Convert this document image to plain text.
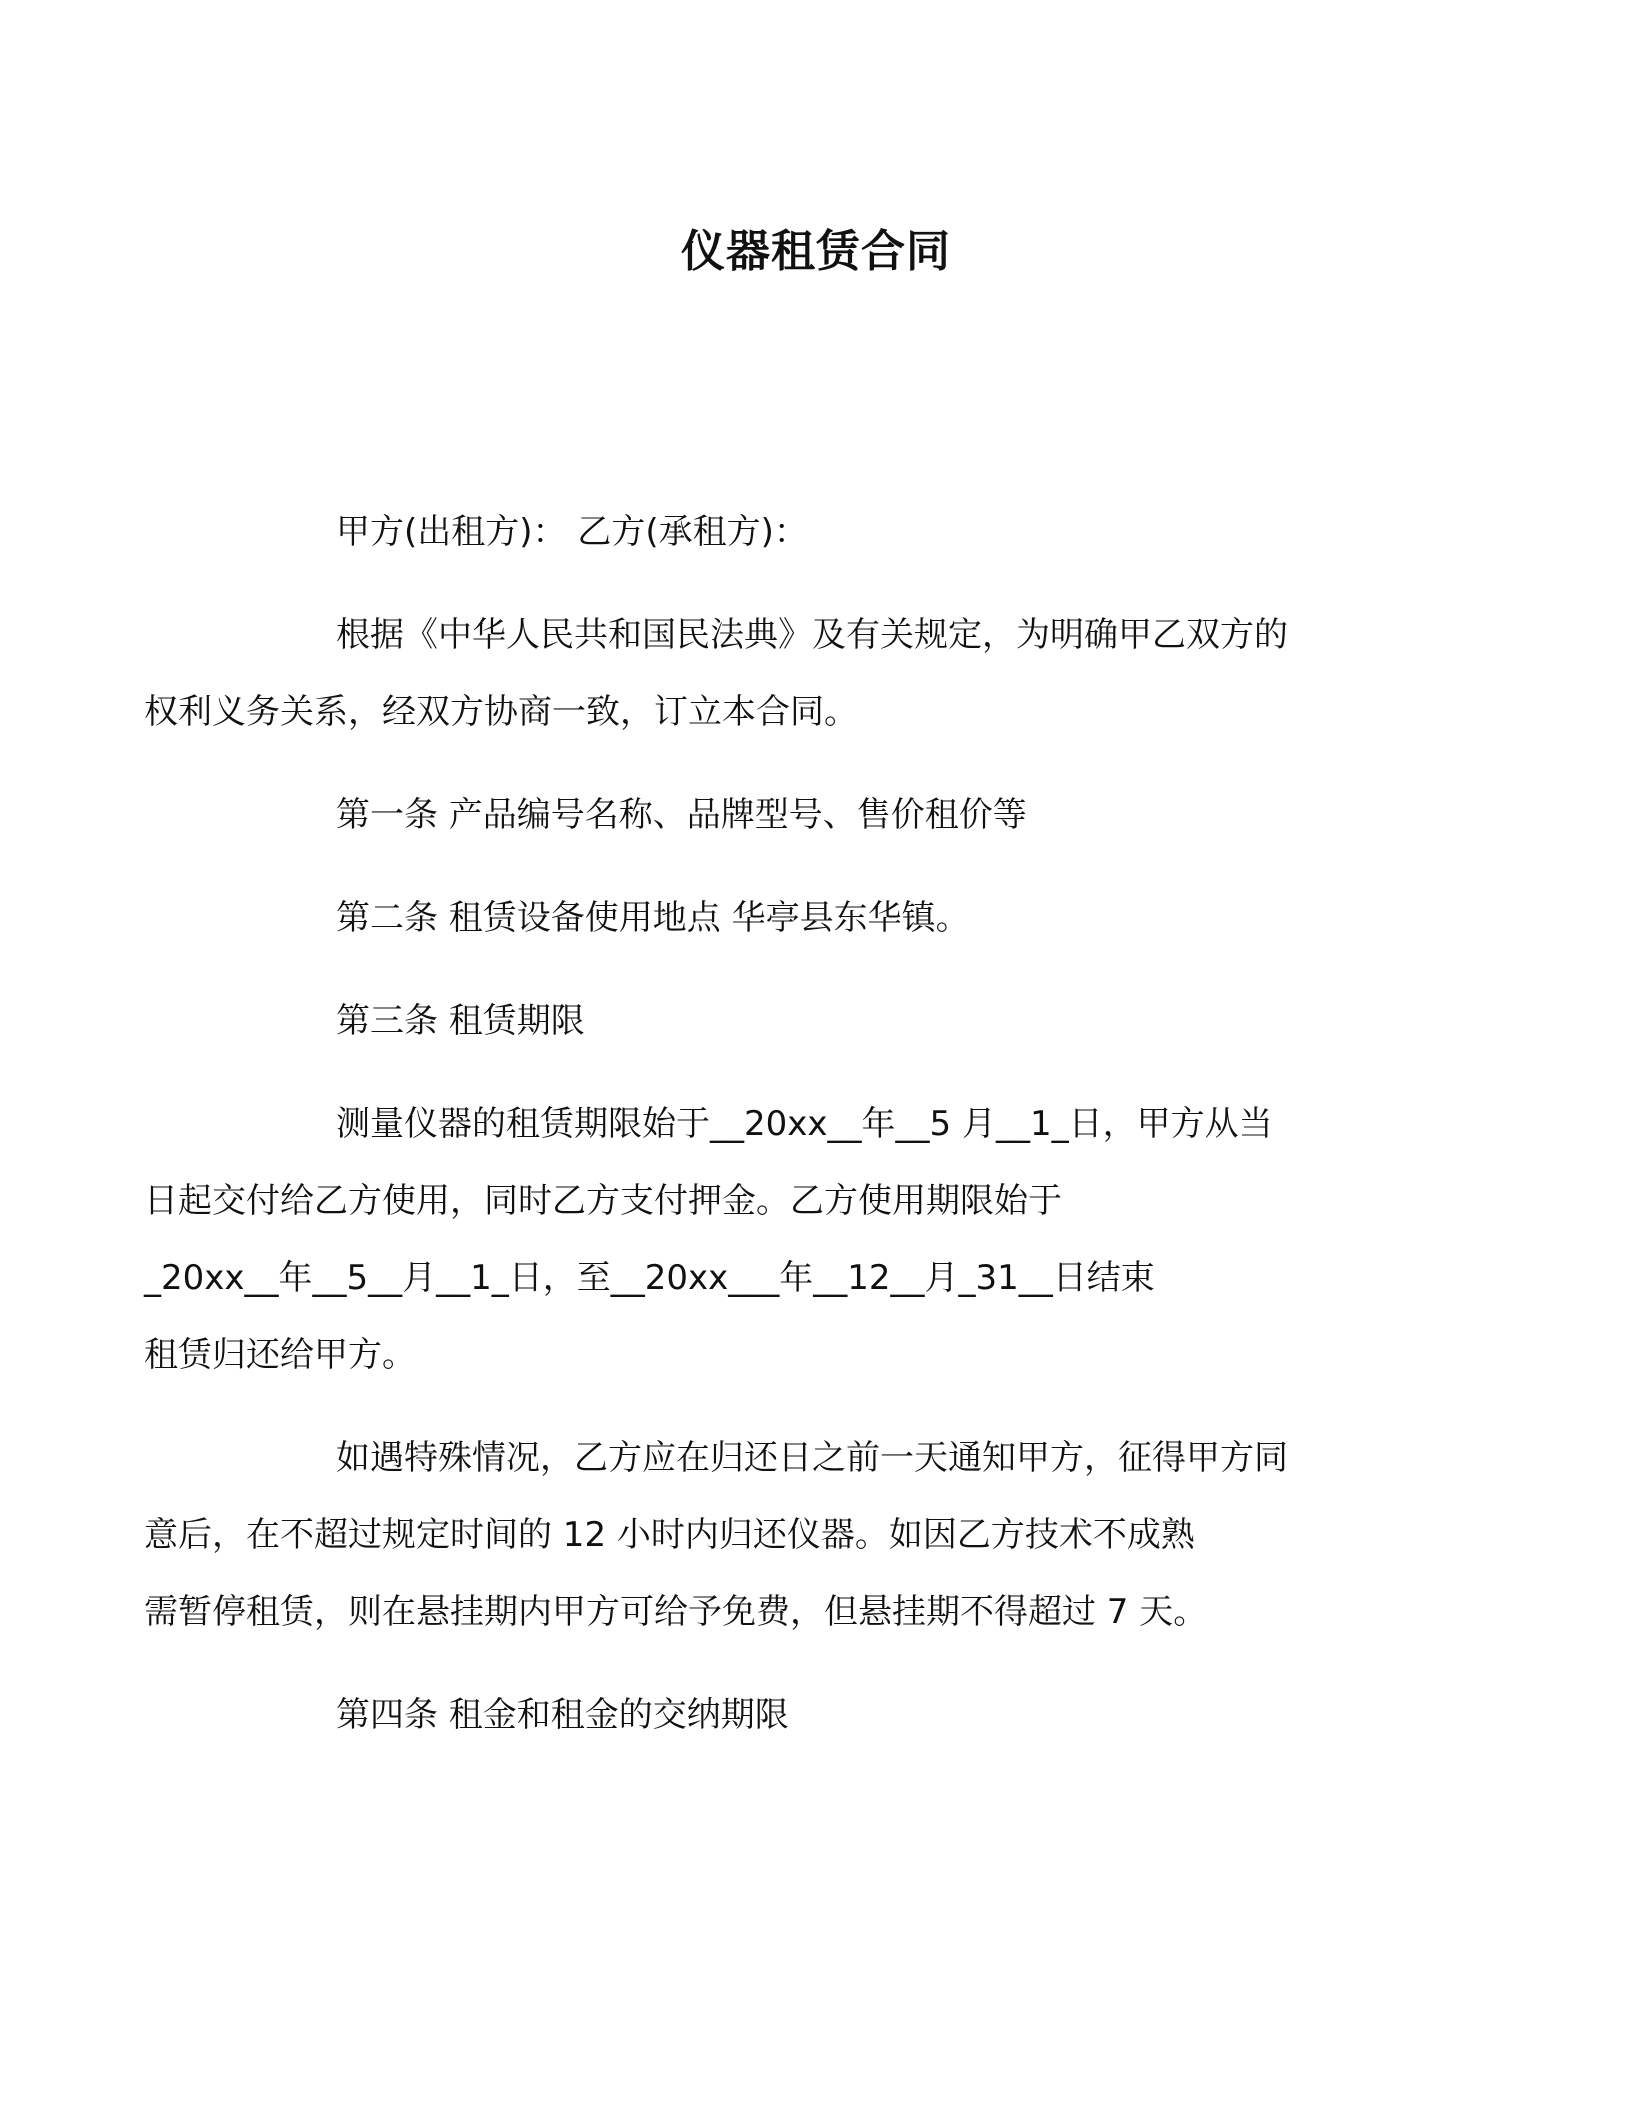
仪器租赁合同

甲方(出租方)： 乙方(承租方)：

根据《中华人民共和国民法典》及有关规定，为明确甲乙双方的
权利义务关系，经双方协商一致，订立本合同。

第一条 产品编号名称、品牌型号、售价租价等

第二条 租赁设备使用地点 华亭县东华镇。

第三条 租赁期限

测量仪器的租赁期限始于__20xx__年__5 月__1_日，甲方从当
日起交付给乙方使用，同时乙方支付押金。乙方使用期限始于
_20xx__年__5__月__1_日，至__20xx___年__12__月_31__日结束
租赁归还给甲方。

如遇特殊情况，乙方应在归还日之前一天通知甲方，征得甲方同
意后，在不超过规定时间的 12 小时内归还仪器。如因乙方技术不成熟
需暂停租赁，则在悬挂期内甲方可给予免费，但悬挂期不得超过 7 天。

第四条 租金和租金的交纳期限
